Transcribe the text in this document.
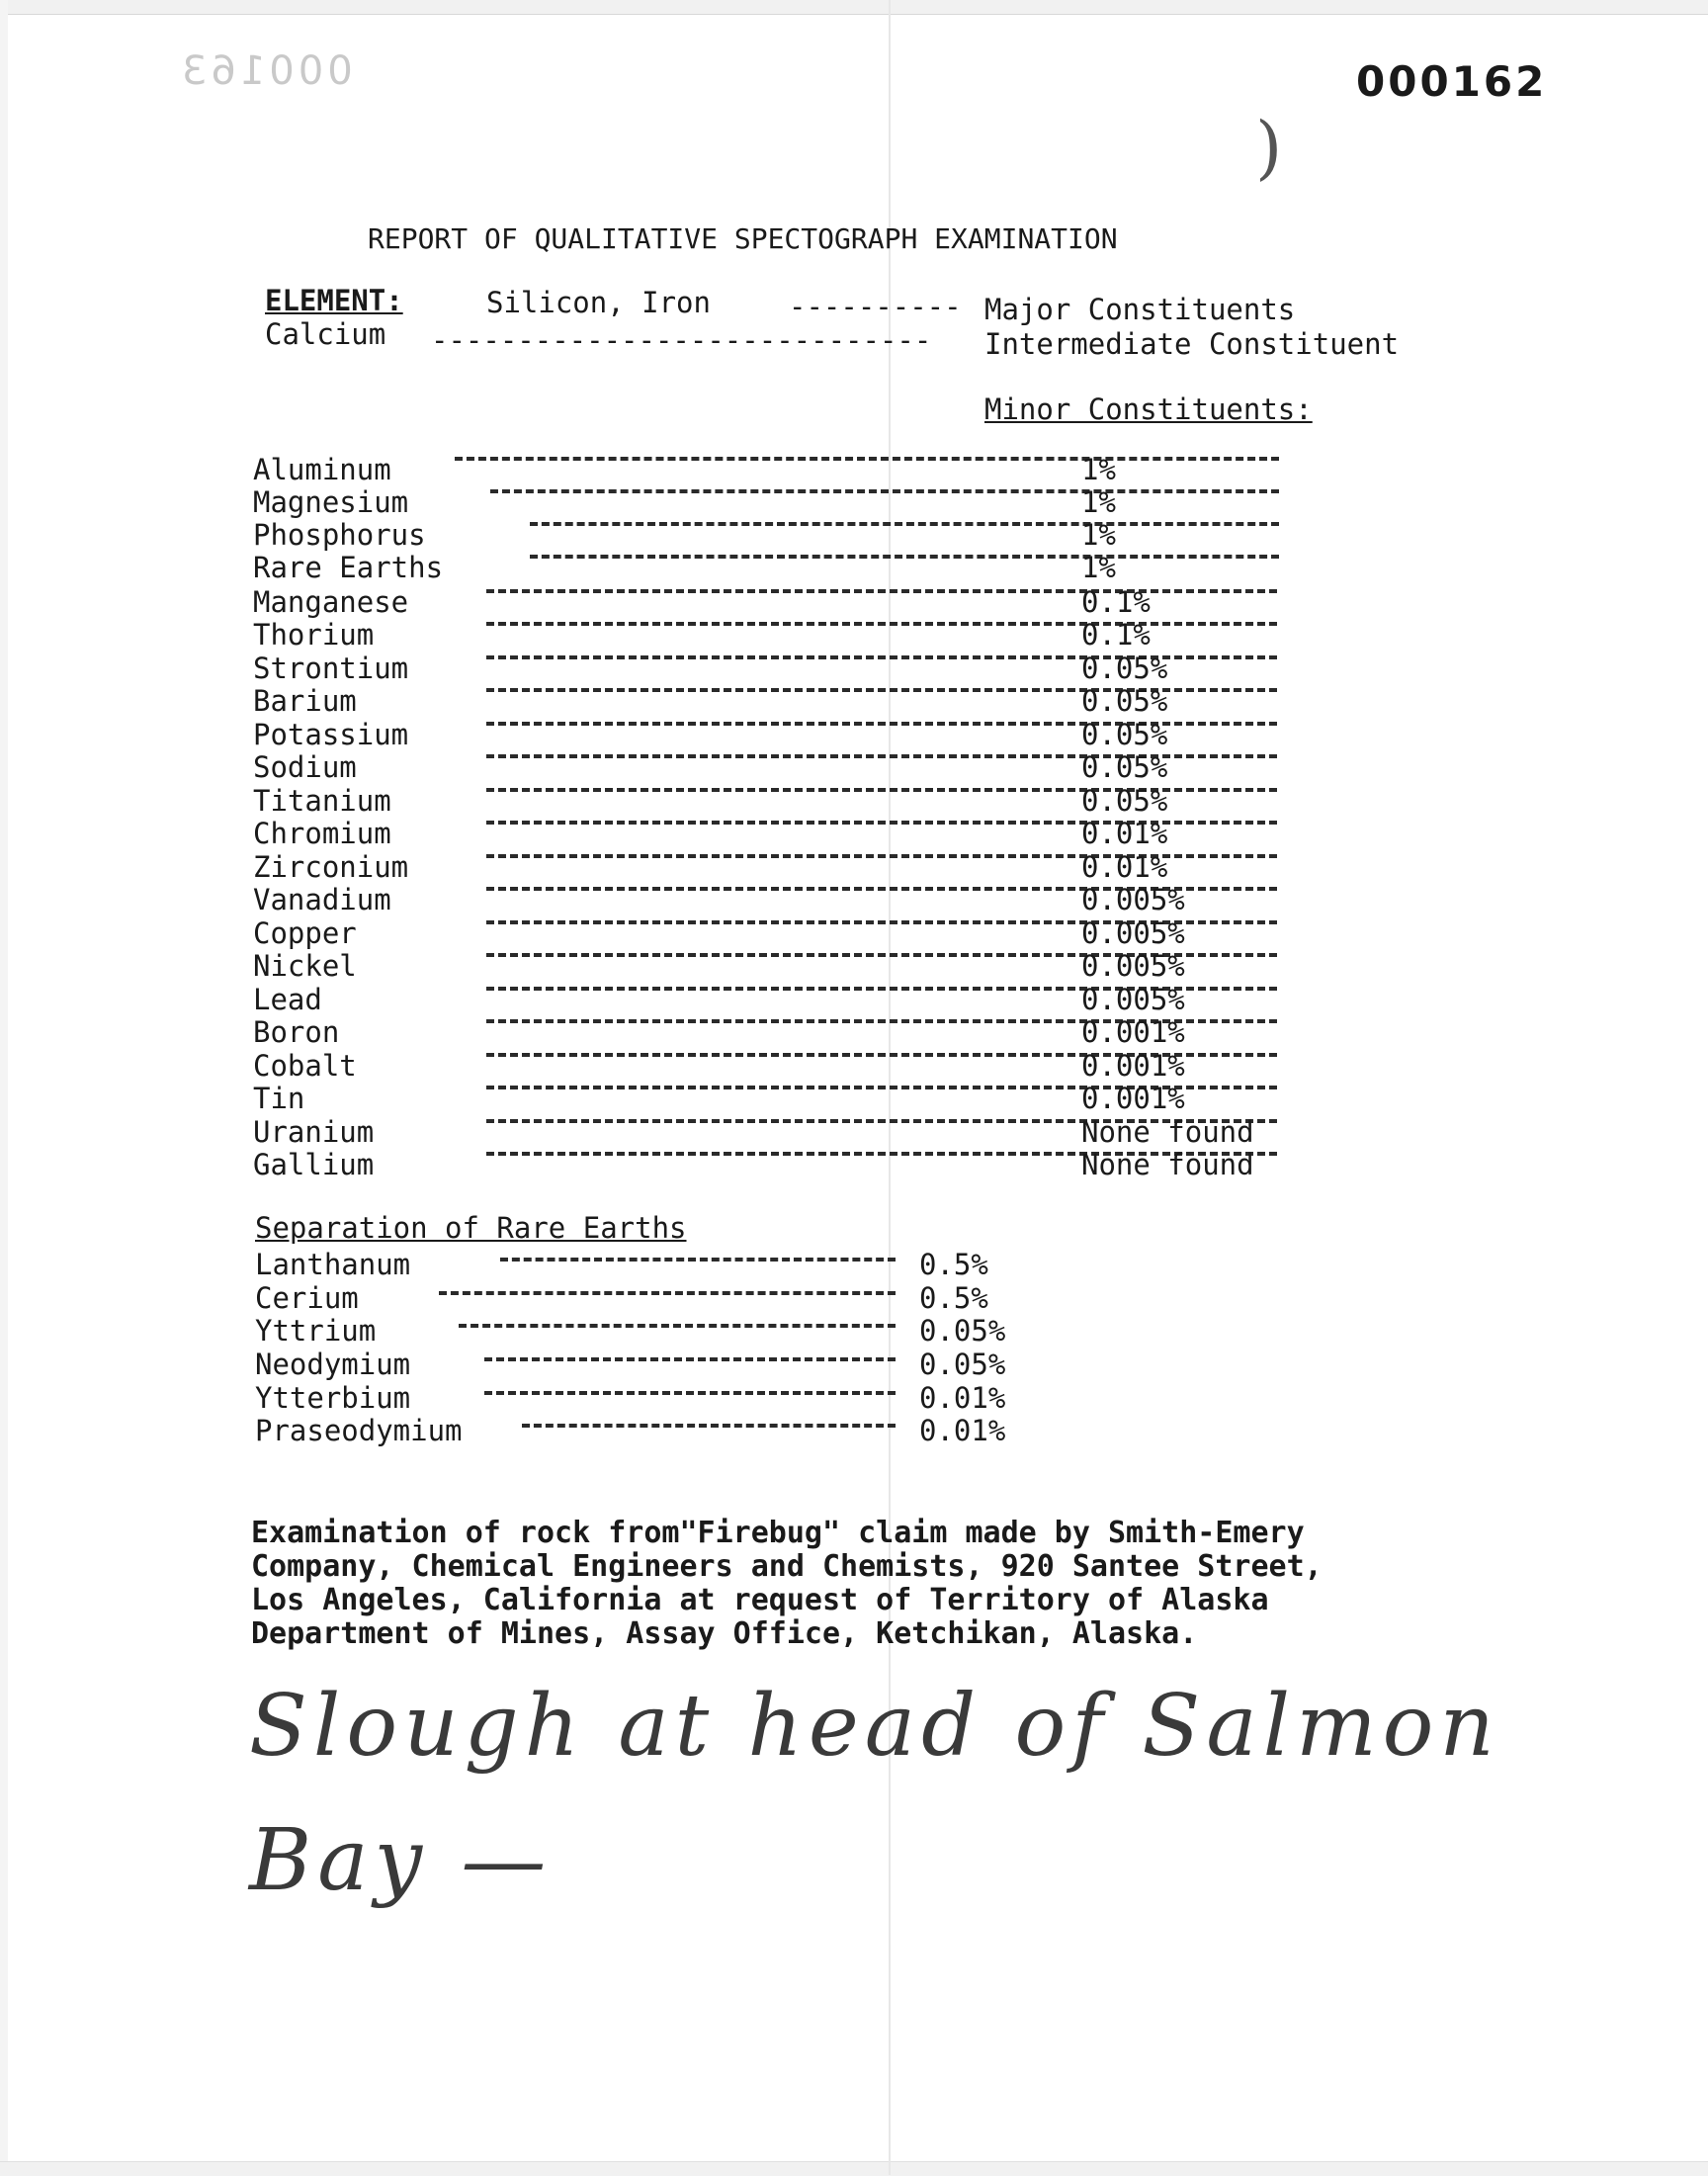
000163	000162
)
REPORT OF QUALITATIVE SPECTOGRAPH EXAMINATION
ELEMENT:	Silicon, Iron	---------- Major Constituents
Calcium ----------------------------- Intermediate Constituent
Minor Constituents:
Aluminum	1%
Magnesium	1%
Phosphorus	1%
Rare Earths	1%
Manganese	0.1%
Thorium	0.1%
Strontium	0.05%
Barium	0.05%
Potassium	0.05%
Sodium	0.05%
Titanium	0.05%
Chromium	0.01%
Zirconium	0.01%
Vanadium	0.005%
Copper	0.005%
Nickel	0.005%
Lead	0.005%
Boron	0.001%
Cobalt	0.001%
Tin	0.001%
Uranium	None found
Gallium	None found
Separation of Rare Earths
Lanthanum	0.5%
Cerium	0.5%
Yttrium	0.05%
Neodymium	0.05%
Ytterbium	0.01%
Praseodymium	0.01%
Examination of rock from"Firebug" claim made by Smith-Emery
Company, Chemical Engineers and Chemists, 920 Santee Street,
Los Angeles, California at request of Territory of Alaska
Department of Mines, Assay Office, Ketchikan, Alaska.
Slough at head of Salmon
Bay —
